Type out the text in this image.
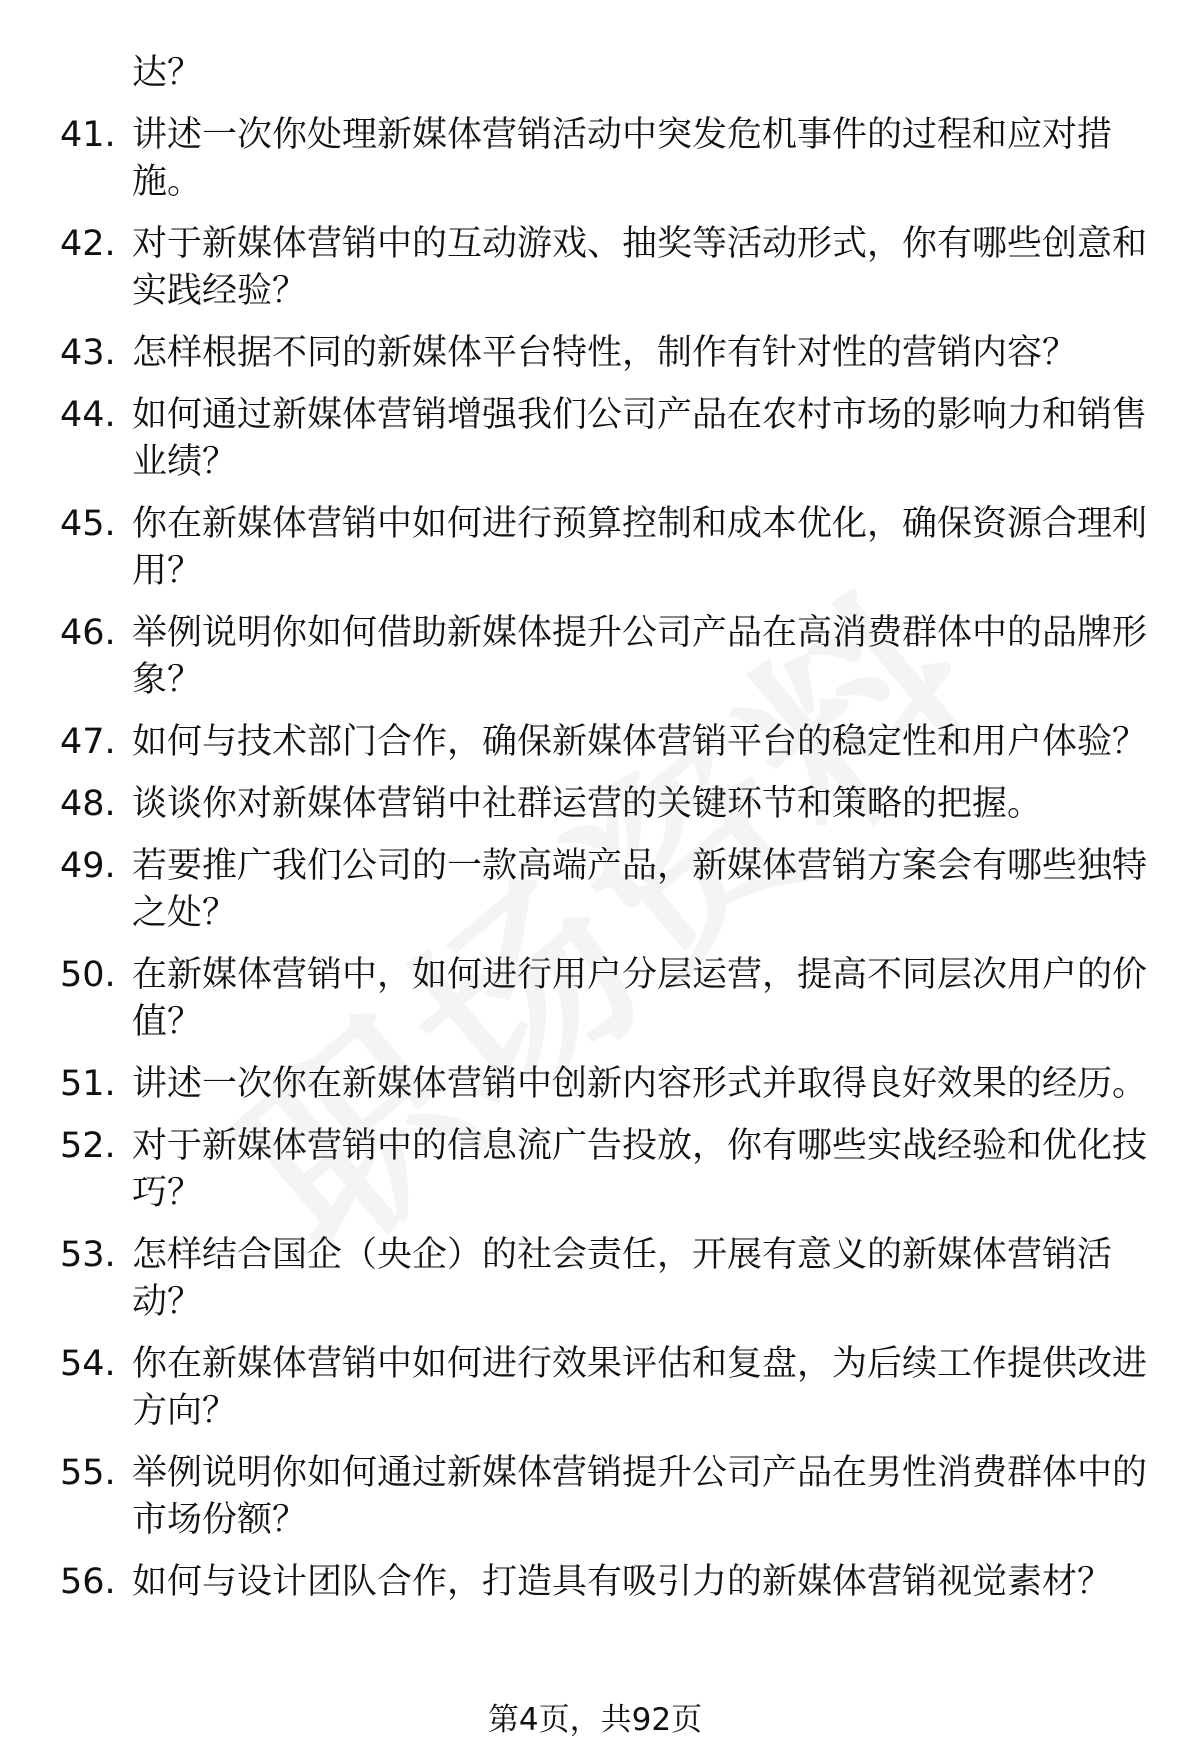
达？
41. 讲述一次你处理新媒体营销活动中突发危机事件的过程和应对措施。
42. 对于新媒体营销中的互动游戏、抽奖等活动形式，你有哪些创意和实践经验？
43. 怎样根据不同的新媒体平台特性，制作有针对性的营销内容？
44. 如何通过新媒体营销增强我们公司产品在农村市场的影响力和销售业绩？
45. 你在新媒体营销中如何进行预算控制和成本优化，确保资源合理利用？
46. 举例说明你如何借助新媒体提升公司产品在高消费群体中的品牌形象？
47. 如何与技术部门合作，确保新媒体营销平台的稳定性和用户体验？
48. 谈谈你对新媒体营销中社群运营的关键环节和策略的把握。
49. 若要推广我们公司的一款高端产品，新媒体营销方案会有哪些独特之处？
50. 在新媒体营销中，如何进行用户分层运营，提高不同层次用户的价值？
51. 讲述一次你在新媒体营销中创新内容形式并取得良好效果的经历。
52. 对于新媒体营销中的信息流广告投放，你有哪些实战经验和优化技巧？
53. 怎样结合国企（央企）的社会责任，开展有意义的新媒体营销活动？
54. 你在新媒体营销中如何进行效果评估和复盘，为后续工作提供改进方向？
55. 举例说明你如何通过新媒体营销提升公司产品在男性消费群体中的市场份额？
56. 如何与设计团队合作，打造具有吸引力的新媒体营销视觉素材？
第4页，共92页
